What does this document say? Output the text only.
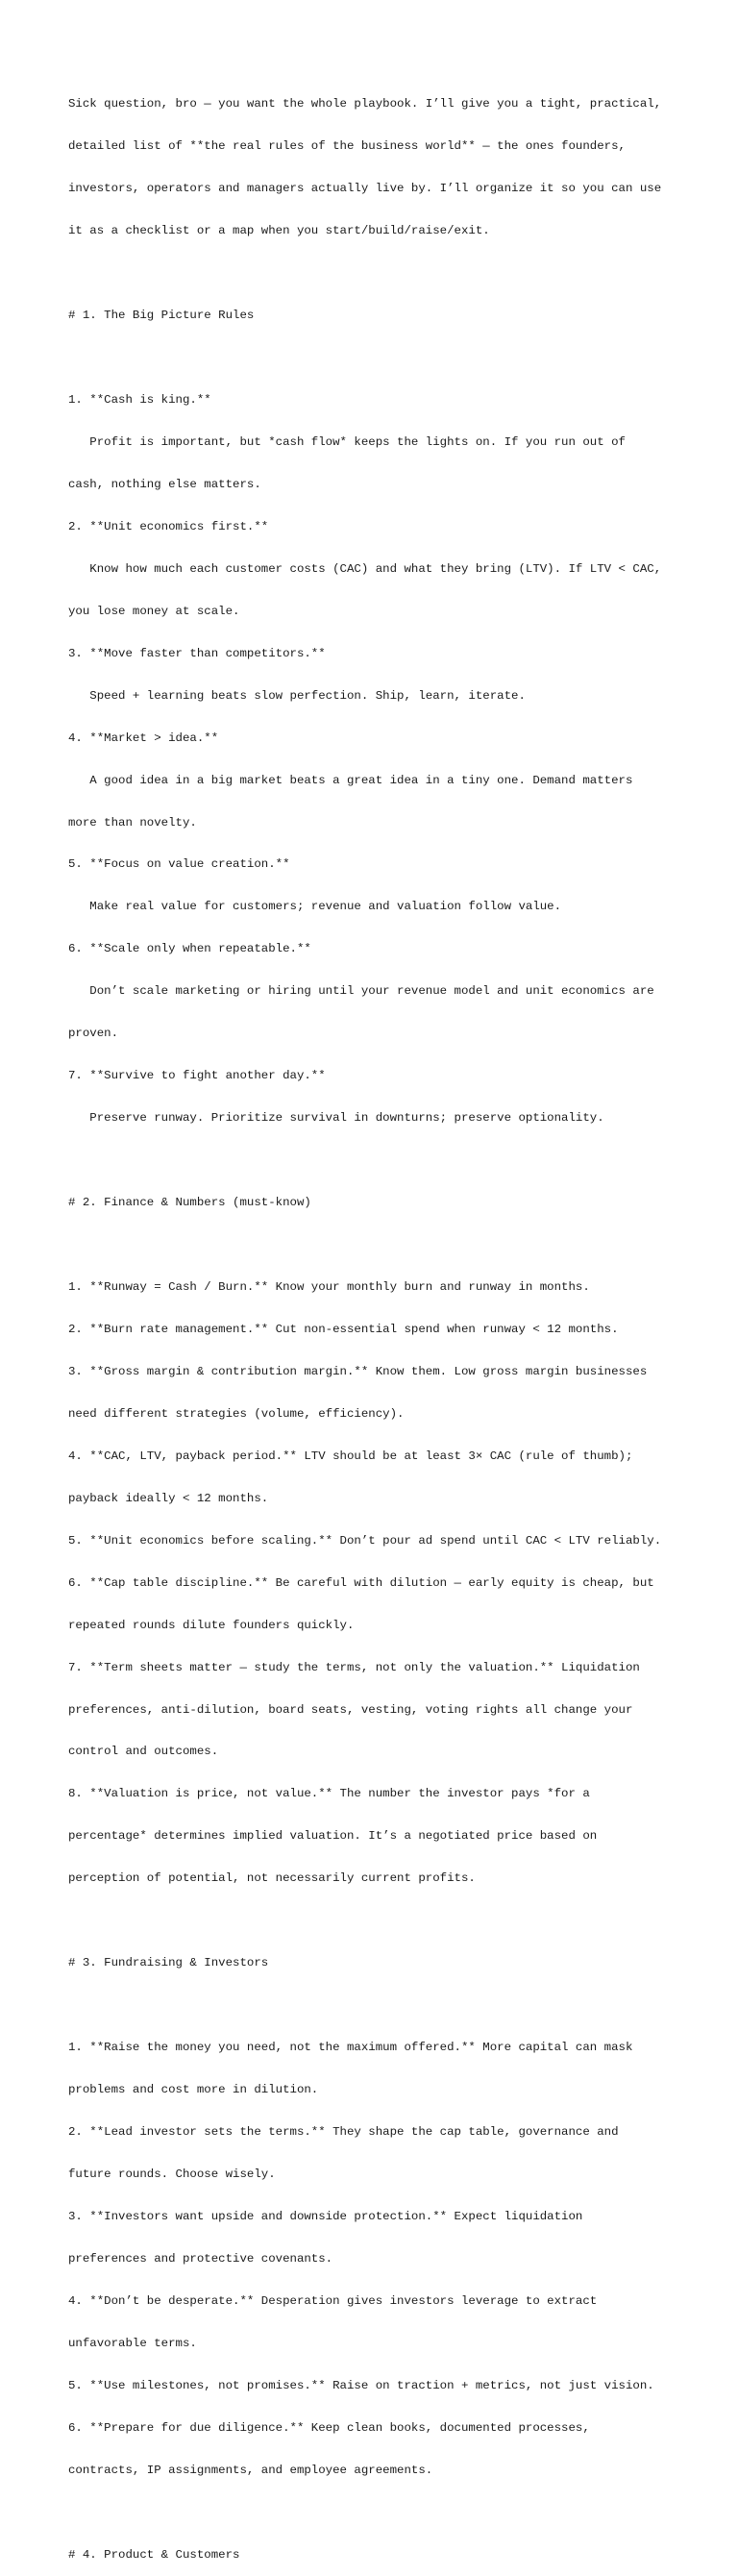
Sick question, bro — you want the whole playbook. I’ll give you a tight, practical,

detailed list of **the real rules of the business world** — the ones founders,

investors, operators and managers actually live by. I’ll organize it so you can use

it as a checklist or a map when you start/build/raise/exit.

# 1. The Big Picture Rules

1. **Cash is king.**

Profit is important, but *cash flow* keeps the lights on. If you run out of

cash, nothing else matters.

2. **Unit economics first.**

Know how much each customer costs (CAC) and what they bring (LTV). If LTV < CAC,

you lose money at scale.

3. **Move faster than competitors.**

Speed + learning beats slow perfection. Ship, learn, iterate.

4. **Market > idea.**

A good idea in a big market beats a great idea in a tiny one. Demand matters

more than novelty.

5. **Focus on value creation.**

Make real value for customers; revenue and valuation follow value.

6. **Scale only when repeatable.**

Don’t scale marketing or hiring until your revenue model and unit economics are

proven.

7. **Survive to fight another day.**

Preserve runway. Prioritize survival in downturns; preserve optionality.

# 2. Finance & Numbers (must-know)

1. **Runway = Cash / Burn.** Know your monthly burn and runway in months.

2. **Burn rate management.** Cut non-essential spend when runway < 12 months.

3. **Gross margin & contribution margin.** Know them. Low gross margin businesses

need different strategies (volume, efficiency).

4. **CAC, LTV, payback period.** LTV should be at least 3× CAC (rule of thumb);

payback ideally < 12 months.

5. **Unit economics before scaling.** Don’t pour ad spend until CAC < LTV reliably.

6. **Cap table discipline.** Be careful with dilution — early equity is cheap, but

repeated rounds dilute founders quickly.

7. **Term sheets matter — study the terms, not only the valuation.** Liquidation

preferences, anti-dilution, board seats, vesting, voting rights all change your

control and outcomes.

8. **Valuation is price, not value.** The number the investor pays *for a

percentage* determines implied valuation. It’s a negotiated price based on

perception of potential, not necessarily current profits.

# 3. Fundraising & Investors

1. **Raise the money you need, not the maximum offered.** More capital can mask

problems and cost more in dilution.

2. **Lead investor sets the terms.** They shape the cap table, governance and

future rounds. Choose wisely.

3. **Investors want upside and downside protection.** Expect liquidation

preferences and protective covenants.

4. **Don’t be desperate.** Desperation gives investors leverage to extract

unfavorable terms.

5. **Use milestones, not promises.** Raise on traction + metrics, not just vision.

6. **Prepare for due diligence.** Keep clean books, documented processes,

contracts, IP assignments, and employee agreements.

# 4. Product & Customers
